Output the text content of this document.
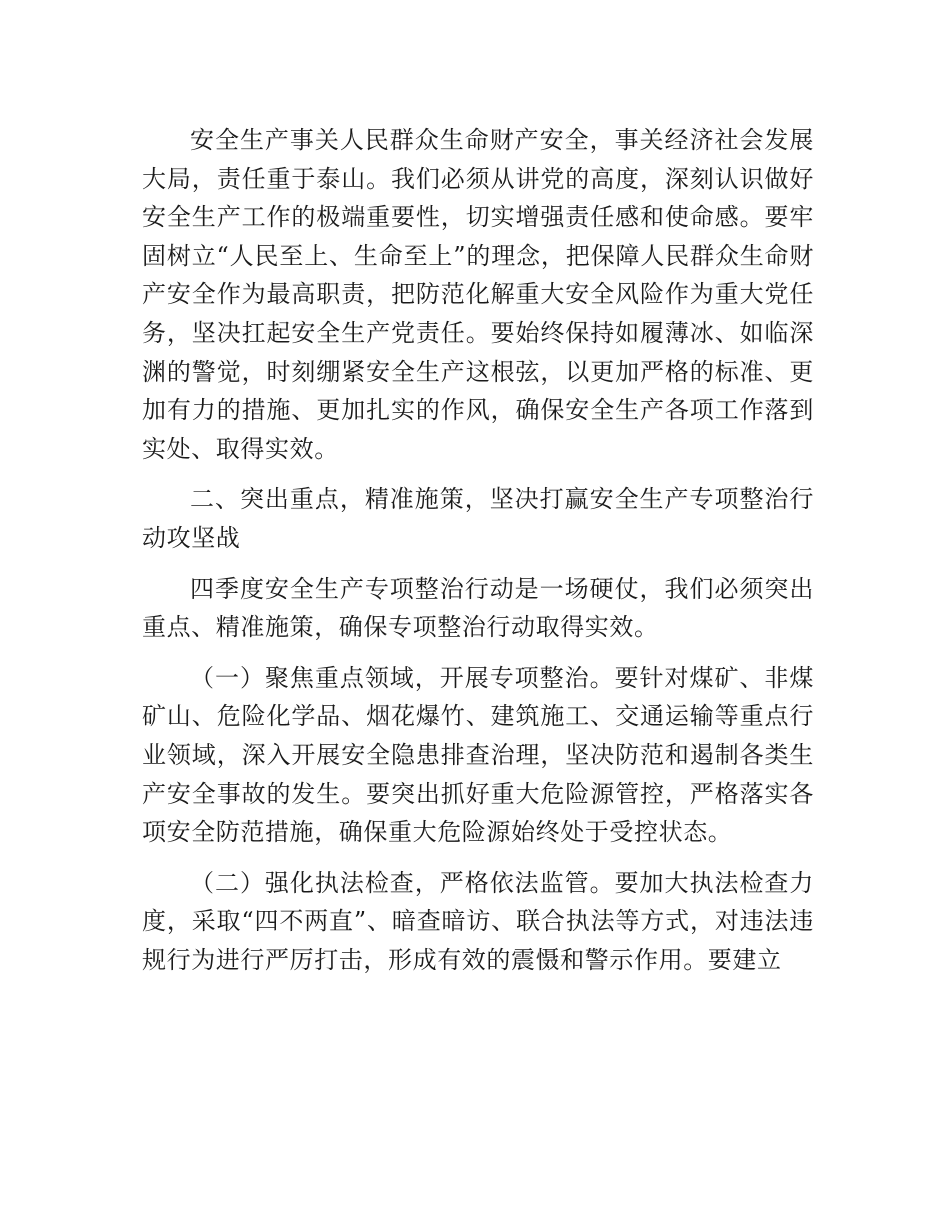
安全生产事关人民群众生命财产安全，事关经济社会发展大局，责任重于泰山。我们必须从讲党的高度，深刻认识做好安全生产工作的极端重要性，切实增强责任感和使命感。要牢固树立“人民至上、生命至上”的理念，把保障人民群众生命财产安全作为最高职责，把防范化解重大安全风险作为重大党任务，坚决扛起安全生产党责任。要始终保持如履薄冰、如临深渊的警觉，时刻绷紧安全生产这根弦，以更加严格的标准、更加有力的措施、更加扎实的作风，确保安全生产各项工作落到实处、取得实效。

二、突出重点，精准施策，坚决打赢安全生产专项整治行动攻坚战

四季度安全生产专项整治行动是一场硬仗，我们必须突出重点、精准施策，确保专项整治行动取得实效。

（一）聚焦重点领域，开展专项整治。要针对煤矿、非煤矿山、危险化学品、烟花爆竹、建筑施工、交通运输等重点行业领域，深入开展安全隐患排查治理，坚决防范和遏制各类生产安全事故的发生。要突出抓好重大危险源管控，严格落实各项安全防范措施，确保重大危险源始终处于受控状态。

（二）强化执法检查，严格依法监管。要加大执法检查力度，采取“四不两直”、暗查暗访、联合执法等方式，对违法违规行为进行严厉打击，形成有效的震慑和警示作用。要建立
